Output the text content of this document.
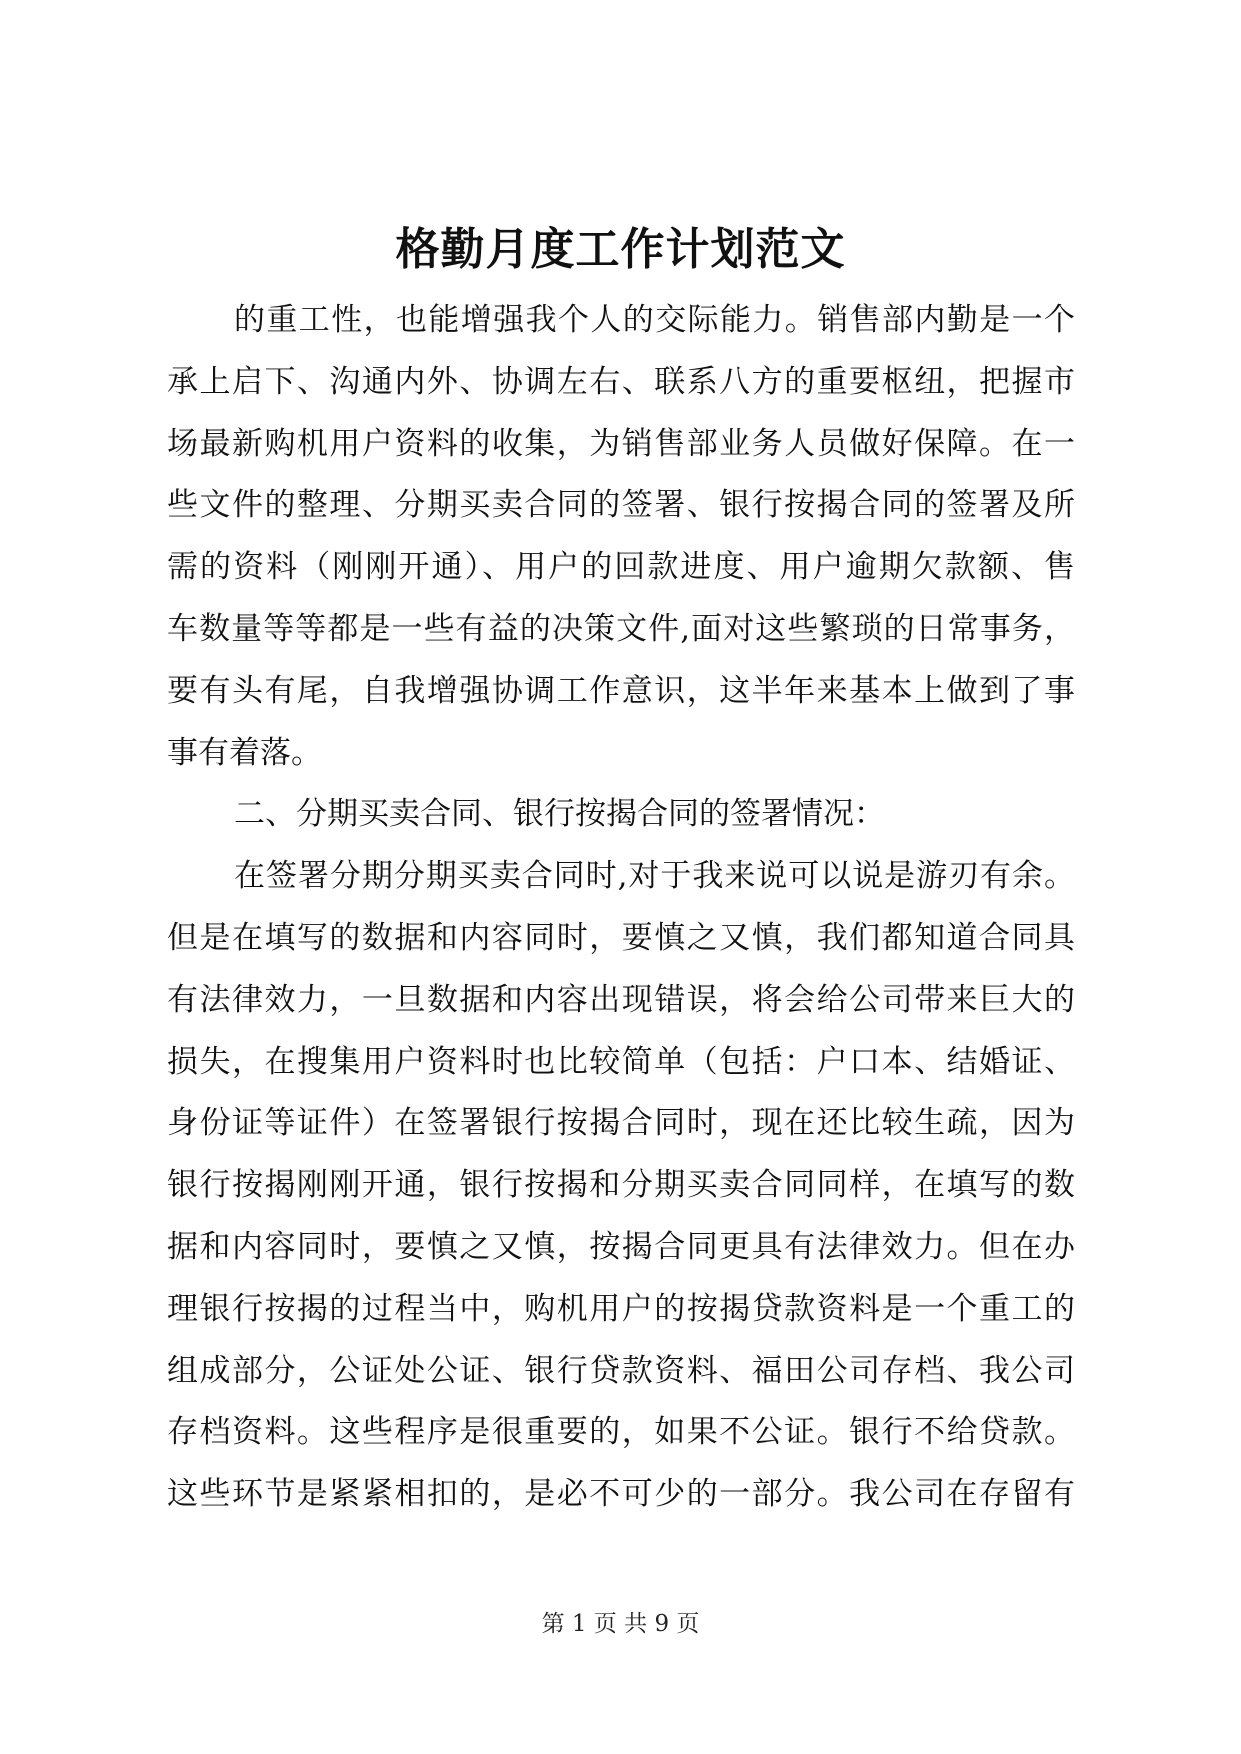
格勤月度工作计划范文
的重工性，也能增强我个人的交际能力。销售部内勤是一个
承上启下、沟通内外、协调左右、联系八方的重要枢纽，把握市
场最新购机用户资料的收集，为销售部业务人员做好保障。在一
些文件的整理、分期买卖合同的签署、银行按揭合同的签署及所
需的资料（刚刚开通）、用户的回款进度、用户逾期欠款额、售
车数量等等都是一些有益的决策文件,面对这些繁琐的日常事务，
要有头有尾，自我增强协调工作意识，这半年来基本上做到了事
事有着落。
二、分期买卖合同、银行按揭合同的签署情况：
在签署分期分期买卖合同时,对于我来说可以说是游刃有余。
但是在填写的数据和内容同时，要慎之又慎，我们都知道合同具
有法律效力，一旦数据和内容出现错误，将会给公司带来巨大的
损失，在搜集用户资料时也比较简单（包括：户口本、结婚证、
身份证等证件）在签署银行按揭合同时，现在还比较生疏，因为
银行按揭刚刚开通，银行按揭和分期买卖合同同样，在填写的数
据和内容同时，要慎之又慎，按揭合同更具有法律效力。但在办
理银行按揭的过程当中，购机用户的按揭贷款资料是一个重工的
组成部分，公证处公证、银行贷款资料、福田公司存档、我公司
存档资料。这些程序是很重要的，如果不公证。银行不给贷款。
这些环节是紧紧相扣的，是必不可少的一部分。我公司在存留有
第 1 页 共 9 页
